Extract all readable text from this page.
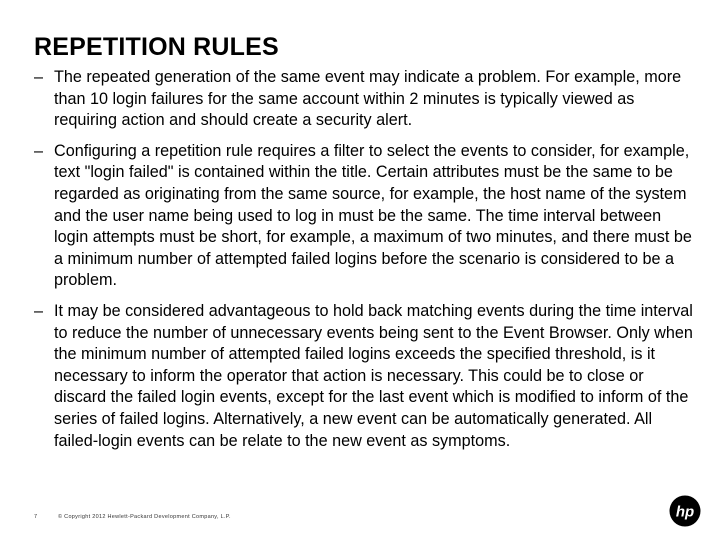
REPETITION RULES
– The repeated generation of the same event may indicate a problem. For example, more than 10 login failures for the same account within 2 minutes is typically viewed as requiring action and should create a security alert.
– Configuring a repetition rule requires a filter to select the events to consider, for example, text "login failed" is contained within the title. Certain attributes must be the same to be regarded as originating from the same source, for example, the host name of the system and the user name being used to log in must be the same. The time interval between login attempts must be short, for example, a maximum of two minutes, and there must be a minimum number of attempted failed logins before the scenario is considered to be a problem.
– It may be considered advantageous to hold back matching events during the time interval to reduce the number of unnecessary events being sent to the Event Browser. Only when the minimum number of attempted failed logins exceeds the specified threshold, is it necessary to inform the operator that action is necessary. This could be to close or discard the failed login events, except for the last event which is modified to inform of the series of failed logins. Alternatively, a new event can be automatically generated. All failed-login events can be relate to the new event as symptoms.
7	© Copyright 2012 Hewlett-Packard Development Company, L.P.	hp
